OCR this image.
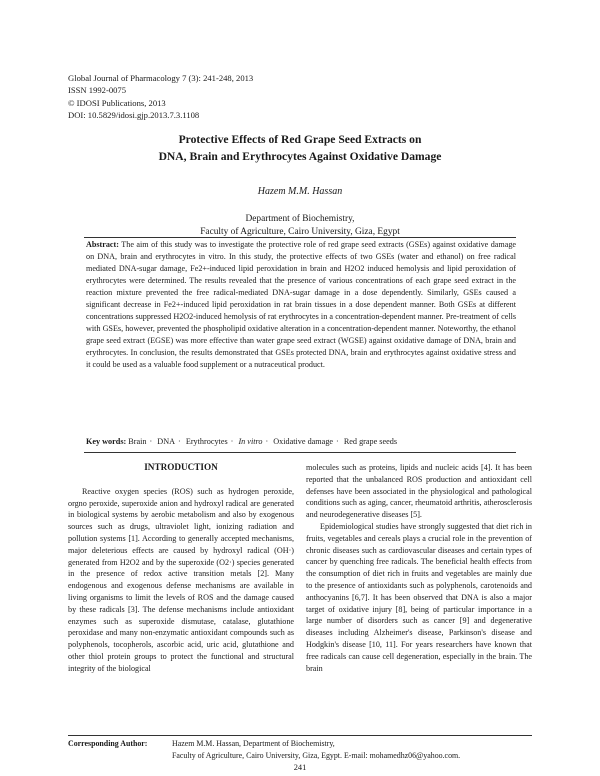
Global Journal of Pharmacology 7 (3): 241-248, 2013
ISSN 1992-0075
© IDOSI Publications, 2013
DOI: 10.5829/idosi.gjp.2013.7.3.1108
Protective Effects of Red Grape Seed Extracts on
DNA, Brain and Erythrocytes Against Oxidative Damage
Hazem M.M. Hassan
Department of Biochemistry,
Faculty of Agriculture, Cairo University, Giza, Egypt
Abstract: The aim of this study was to investigate the protective role of red grape seed extracts (GSEs) against oxidative damage on DNA, brain and erythrocytes in vitro. In this study, the protective effects of two GSEs (water and ethanol) on free radical mediated DNA-sugar damage, Fe2+-induced lipid peroxidation in brain and H2O2 induced hemolysis and lipid peroxidation of erythrocytes were determined. The results revealed that the presence of various concentrations of each grape seed extract in the reaction mixture prevented the free radical-mediated DNA-sugar damage in a dose dependently. Similarly, GSEs caused a significant decrease in Fe2+-induced lipid peroxidation in rat brain tissues in a dose dependent manner. Both GSEs at different concentrations suppressed H2O2-induced hemolysis of rat erythrocytes in a concentration-dependent manner. Pre-treatment of cells with GSEs, however, prevented the phospholipid oxidative alteration in a concentration-dependent manner. Noteworthy, the ethanol grape seed extract (EGSE) was more effective than water grape seed extract (WGSE) against oxidative damage of DNA, brain and erythrocytes. In conclusion, the results demonstrated that GSEs protected DNA, brain and erythrocytes against oxidative stress and it could be used as a valuable food supplement or a nutraceutical product.
Key words: Brain · DNA · Erythrocytes · In vitro · Oxidative damage · Red grape seeds

INTRODUCTION

Reactive oxygen species (ROS) such as hydrogen peroxide, orgno peroxide, superoxide anion and hydroxyl radical are generated in biological systems by aerobic metabolism and also by exogenous sources such as drugs, ultraviolet light, ionizing radiation and pollution systems [1]. According to generally accepted mechanisms, major deleterious effects are caused by hydroxyl radical (OH·) generated from H2O2 and by the superoxide (O2·) species generated in the presence of redox active transition metals [2]. Many endogenous and exogenous defense mechanisms are available in living organisms to limit the levels of ROS and the damage caused by these radicals [3]. The defense mechanisms include antioxidant enzymes such as superoxide dismutase, catalase, glutathione peroxidase and many non-enzymatic antioxidant compounds such as polyphenols, tocopherols, ascorbic acid, uric acid, glutathione and other thiol protein groups to protect the functional and structural integrity of the biological

molecules such as proteins, lipids and nucleic acids [4]. It has been reported that the unbalanced ROS production and antioxidant cell defenses have been associated in the physiological and pathological conditions such as aging, cancer, rheumatoid arthritis, atherosclerosis and neurodegenerative diseases [5].

Epidemiological studies have strongly suggested that diet rich in fruits, vegetables and cereals plays a crucial role in the prevention of chronic diseases such as cardiovascular diseases and certain types of cancer by quenching free radicals. The beneficial health effects from the consumption of diet rich in fruits and vegetables are mainly due to the presence of antioxidants such as polyphenols, carotenoids and anthocyanins [6,7]. It has been observed that DNA is also a major target of oxidative injury [8], being of particular importance in a large number of disorders such as cancer [9] and degenerative diseases including Alzheimer's disease, Parkinson's disease and Hodgkin's disease [10, 11]. For years researchers have known that free radicals can cause cell degeneration, especially in the brain. The brain

Corresponding Author:	Hazem M.M. Hassan, Department of Biochemistry,
Faculty of Agriculture, Cairo University, Giza, Egypt. E-mail: mohamedhz06@yahoo.com.
241
